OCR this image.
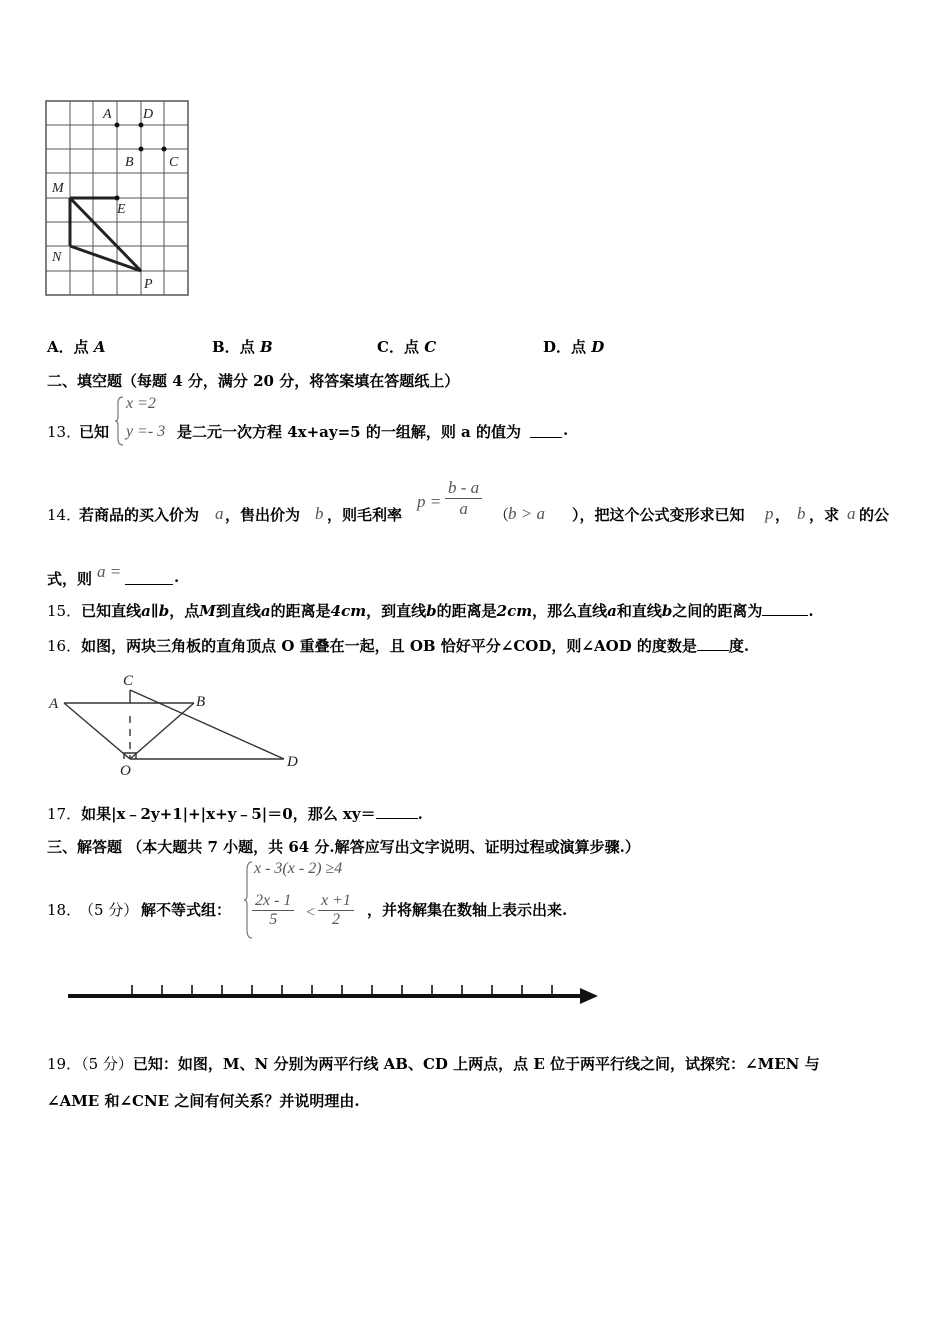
A D
B	C
M
E
N
P
A．点 A	B．点 B	C．点 C	D．点 D
二、填空题（每题 4 分，满分 20 分，将答案填在答题纸上）
13．
已知
x =2
y =- 3 是二元一次方程 4x+ay=5 的一组解，则 a 的值为	.
14．
若商品的买入价为 a ，售出价为 b ，则毛利率
$p = \frac{b - a}{a}$ （
b > a ），把这个公式变形求已知 p ， b ，求 a 的公
式，则 a =	.
15．已知直线a∥b，点M到直线a的距离是4cm，到直线b的距离是2cm，那么直线a和直线b之间的距离为	.
16．如图，两块三角板的直角顶点 O 重叠在一起，且 OB 恰好平分∠COD，则∠AOD 的度数是 度.
A	B
C
D
O
17．如果|x﹣2y+1|+|x+y﹣5|＝0，那么 xy＝	.
三、解答题 （本大题共 7 小题，共 64 分.解答应写出文字说明、证明过程或演算步骤.）
18．
（5 分） 解不等式组：
x - 3(x - 2) ≥4
$\frac{2x - 1}{5} < \frac{x +1}{2}$ ，并将解集在数轴上表示出来.
19．（5 分）已知：如图，M、N 分别为两平行线 AB、CD 上两点，点 E 位于两平行线之间，试探究：∠MEN 与
∠AME 和∠CNE 之间有何关系？并说明理由.
